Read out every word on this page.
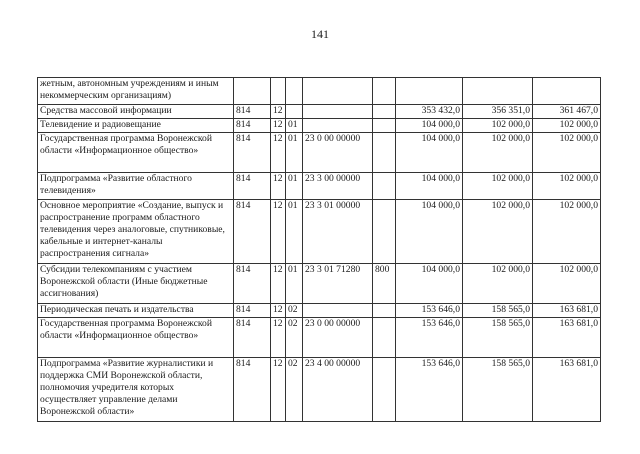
141
жетным, автономным учреждениям и иным некоммерческим организациям)								
Средства массовой информации	814	12				353 432,0	356 351,0	361 467,0
Телевидение и радиовещание	814	12	01			104 000,0	102 000,0	102 000,0
Государственная программа Воронежской области «Информационное общество»	814	12	01	23 0 00 00000		104 000,0	102 000,0	102 000,0
Подпрограмма «Развитие областного телевидения»	814	12	01	23 3 00 00000		104 000,0	102 000,0	102 000,0
Основное мероприятие «Создание, выпуск и распространение программ областного телевидения через аналоговые, спутниковые, кабельные и интернет-каналы распространения сигнала»	814	12	01	23 3 01 00000		104 000,0	102 000,0	102 000,0
Субсидии телекомпаниям с участием Воронежской области (Иные бюджетные ассигнования)	814	12	01	23 3 01 71280	800	104 000,0	102 000,0	102 000,0
Периодическая печать и издательства	814	12	02			153 646,0	158 565,0	163 681,0
Государственная программа Воронежской области «Информационное общество»	814	12	02	23 0 00 00000		153 646,0	158 565,0	163 681,0
Подпрограмма «Развитие журналистики и поддержка СМИ Воронежской области, полномочия учредителя которых осуществляет управление делами Воронежской области»	814	12	02	23 4 00 00000		153 646,0	158 565,0	163 681,0
